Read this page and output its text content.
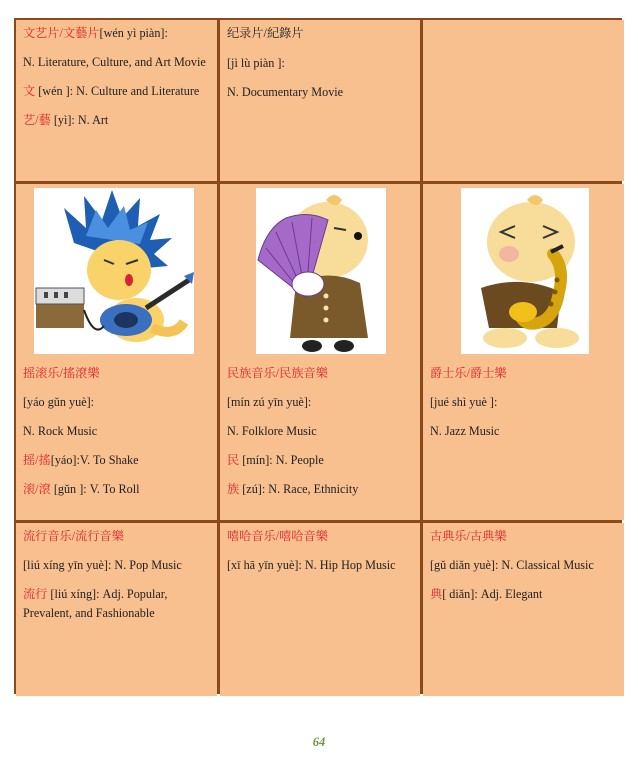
文艺片/文藝片[wén yì piàn]:
N. Literature, Culture, and Art Movie
文 [wén ]: N. Culture and Literature
艺/藝 [yì]: N. Art
纪录片/紀錄片
[jì lù piàn ]:
N. Documentary Movie
摇滚乐/搖滾樂
[yáo gǔn yuè]:
N. Rock Music
摇/搖[yáo]:V. To Shake
滚/滾 [gǔn ]: V. To Roll
民族音乐/民族音樂
[mín zú yīn yuè]:
N. Folklore Music
民 [mín]: N. People
族 [zú]: N. Race, Ethnicity
爵士乐/爵士樂
[jué shì yuè ]:
N. Jazz Music
流行音乐/流行音樂
[liú xíng yīn yuè]: N. Pop Music
流行 [liú xíng]: Adj. Popular, Prevalent, and Fashionable
嘻哈音乐/嘻哈音樂
[xī hā yīn yuè]: N. Hip Hop Music
古典乐/古典樂
[gǔ diǎn yuè]: N. Classical Music
典[ diǎn]: Adj. Elegant
64
